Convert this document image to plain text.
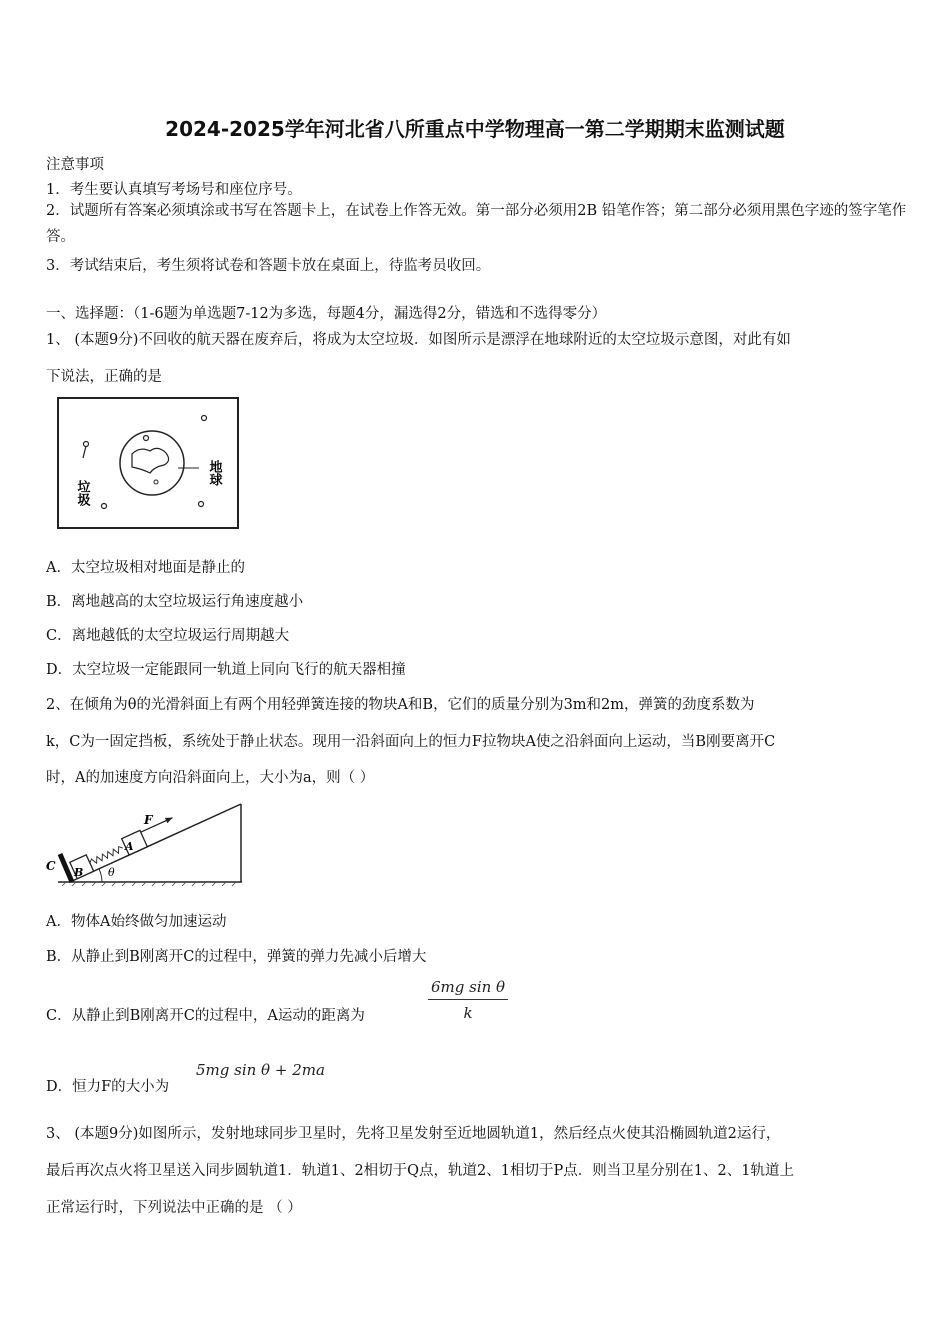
2024-2025学年河北省八所重点中学物理高一第二学期期末监测试题
注意事项
1．考生要认真填写考场号和座位序号。
2．试题所有答案必须填涂或书写在答题卡上，在试卷上作答无效。第一部分必须用2B 铅笔作答；第二部分必须用黑色字迹的签字笔作答。
3．考试结束后，考生须将试卷和答题卡放在桌面上，待监考员收回。
一、选择题：（1-6题为单选题7-12为多选，每题4分，漏选得2分，错选和不选得零分）
1、 (本题9分)不回收的航天器在废弃后，将成为太空垃圾．如图所示是漂浮在地球附近的太空垃圾示意图，对此有如
下说法，正确的是
垃圾
地球
A．太空垃圾相对地面是静止的
B．离地越高的太空垃圾运行角速度越小
C．离地越低的太空垃圾运行周期越大
D．太空垃圾一定能跟同一轨道上同向飞行的航天器相撞
2、在倾角为θ的光滑斜面上有两个用轻弹簧连接的物块A和B，它们的质量分别为3m和2m，弹簧的劲度系数为
k，C为一固定挡板，系统处于静止状态。现用一沿斜面向上的恒力F拉物块A使之沿斜面向上运动，当B刚要离开C
时，A的加速度方向沿斜面向上，大小为a，则（ ）
C B
A
F
θ
A．物体A始终做匀加速运动
B．从静止到B刚离开C的过程中，弹簧的弹力先减小后增大
C．从静止到B刚离开C的过程中，A运动的距离为	$\frac{\text{6mg sin θ}}{k}$
D．恒力F的大小为
5mg sin θ + 2ma
3、 (本题9分)如图所示，发射地球同步卫星时，先将卫星发射至近地圆轨道1，然后经点火使其沿椭圆轨道2运行，
最后再次点火将卫星送入同步圆轨道1．轨道1、2相切于Q点，轨道2、1相切于P点．则当卫星分别在1、2、1轨道上
正常运行时，下列说法中正确的是 （ ）
